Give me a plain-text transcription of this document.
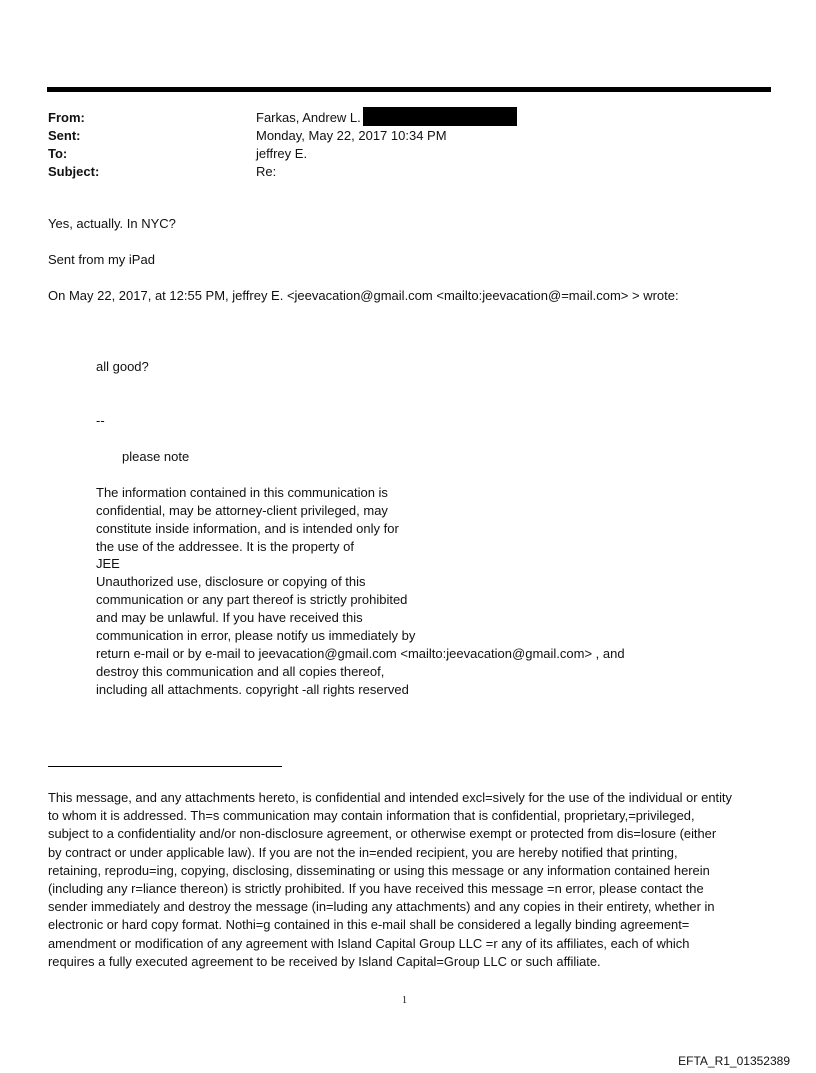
From:	Farkas, Andrew L.
Sent:	Monday, May 22, 2017 10:34 PM
To:	jeffrey E.
Subject:	Re:
Yes, actually. In NYC?
Sent from my iPad
On May 22, 2017, at 12:55 PM, jeffrey E. <jeevacation@gmail.com <mailto:jeevacation@=mail.com> > wrote:
all good?
--
please note
The information contained in this communication is
confidential, may be attorney-client privileged, may
constitute inside information, and is intended only for
the use of the addressee. It is the property of
JEE
Unauthorized use, disclosure or copying of this
communication or any part thereof is strictly prohibited
and may be unlawful. If you have received this
communication in error, please notify us immediately by
return e-mail or by e-mail to jeevacation@gmail.com <mailto:jeevacation@gmail.com> , and
destroy this communication and all copies thereof,
including all attachments. copyright -all rights reserved
This message, and any attachments hereto, is confidential and intended excl=sively for the use of the individual or entity
to whom it is addressed. Th=s communication may contain information that is confidential, proprietary,=privileged,
subject to a confidentiality and/or non-disclosure agreement, or otherwise exempt or protected from dis=losure (either
by contract or under applicable law). If you are not the in=ended recipient, you are hereby notified that printing,
retaining, reprodu=ing, copying, disclosing, disseminating or using this message or any information contained herein
(including any r=liance thereon) is strictly prohibited. If you have received this message =n error, please contact the
sender immediately and destroy the message (in=luding any attachments) and any copies in their entirety, whether in
electronic or hard copy format. Nothi=g contained in this e-mail shall be considered a legally binding agreement=
amendment or modification of any agreement with Island Capital Group LLC =r any of its affiliates, each of which
requires a fully executed agreement to be received by Island Capital=Group LLC or such affiliate.
1
EFTA_R1_01352389
